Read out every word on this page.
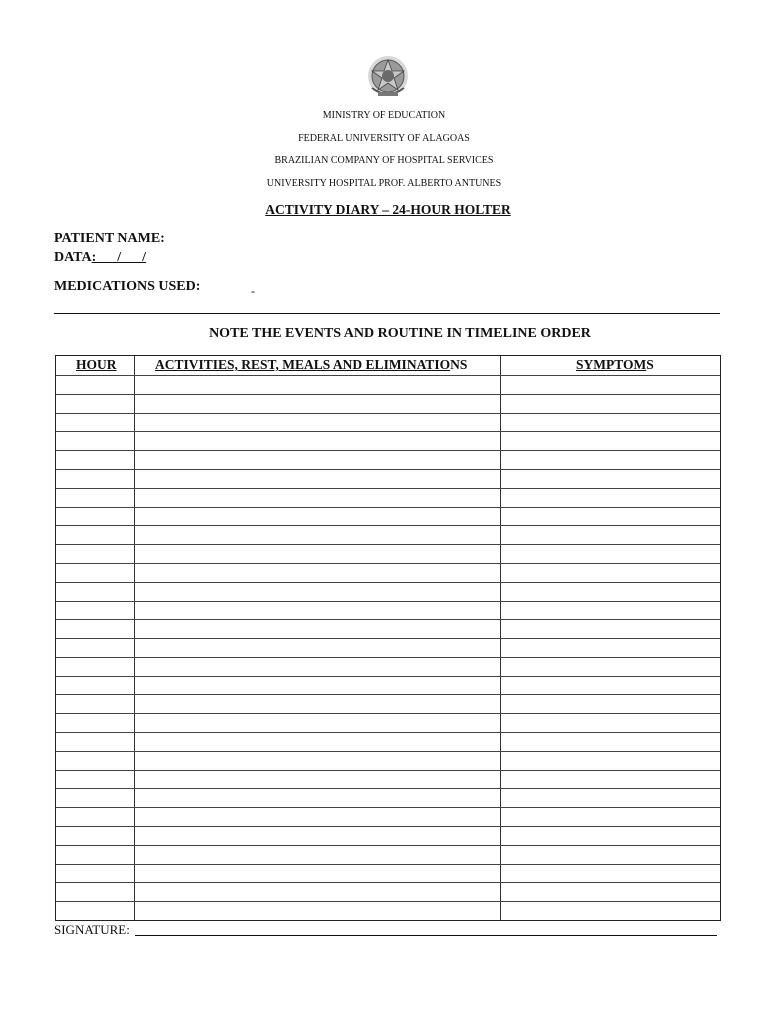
MINISTRY OF EDUCATION
FEDERAL UNIVERSITY OF ALAGOAS
BRAZILIAN COMPANY OF HOSPITAL SERVICES
UNIVERSITY HOSPITAL PROF. ALBERTO ANTUNES
ACTIVITY DIARY – 24-HOUR HOLTER
PATIENT NAME:
DATA:___/___/
MEDICATIONS USED:	-
NOTE THE EVENTS AND ROUTINE IN TIMELINE ORDER
HOUR	ACTIVITIES, REST, MEALS AND ELIMINATIONS	SYMPTOMS
SIGNATURE:
